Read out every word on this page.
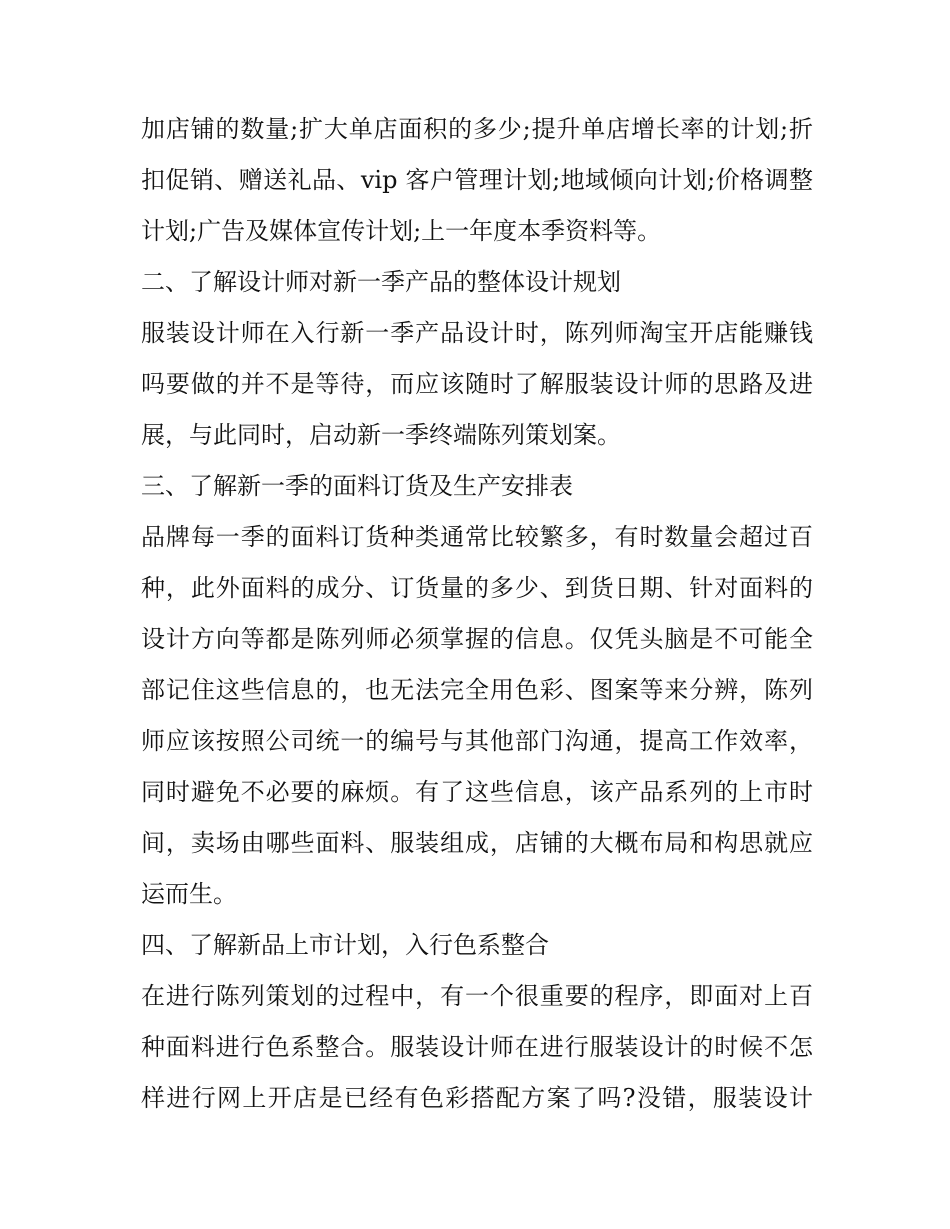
加店铺的数量;扩大单店面积的多少;提升单店增长率的计划;折
扣促销、赠送礼品、vip 客户管理计划;地域倾向计划;价格调整
计划;广告及媒体宣传计划;上一年度本季资料等。
二、了解设计师对新一季产品的整体设计规划
服装设计师在入行新一季产品设计时，陈列师淘宝开店能赚钱
吗要做的并不是等待，而应该随时了解服装设计师的思路及进
展，与此同时，启动新一季终端陈列策划案。
三、了解新一季的面料订货及生产安排表
品牌每一季的面料订货种类通常比较繁多，有时数量会超过百
种，此外面料的成分、订货量的多少、到货日期、针对面料的
设计方向等都是陈列师必须掌握的信息。仅凭头脑是不可能全
部记住这些信息的，也无法完全用色彩、图案等来分辨，陈列
师应该按照公司统一的编号与其他部门沟通，提高工作效率，
同时避免不必要的麻烦。有了这些信息，该产品系列的上市时
间，卖场由哪些面料、服装组成，店铺的大概布局和构思就应
运而生。
四、了解新品上市计划，入行色系整合
在进行陈列策划的过程中，有一个很重要的程序，即面对上百
种面料进行色系整合。服装设计师在进行服装设计的时候不怎
样进行网上开店是已经有色彩搭配方案了吗?没错，服装设计
